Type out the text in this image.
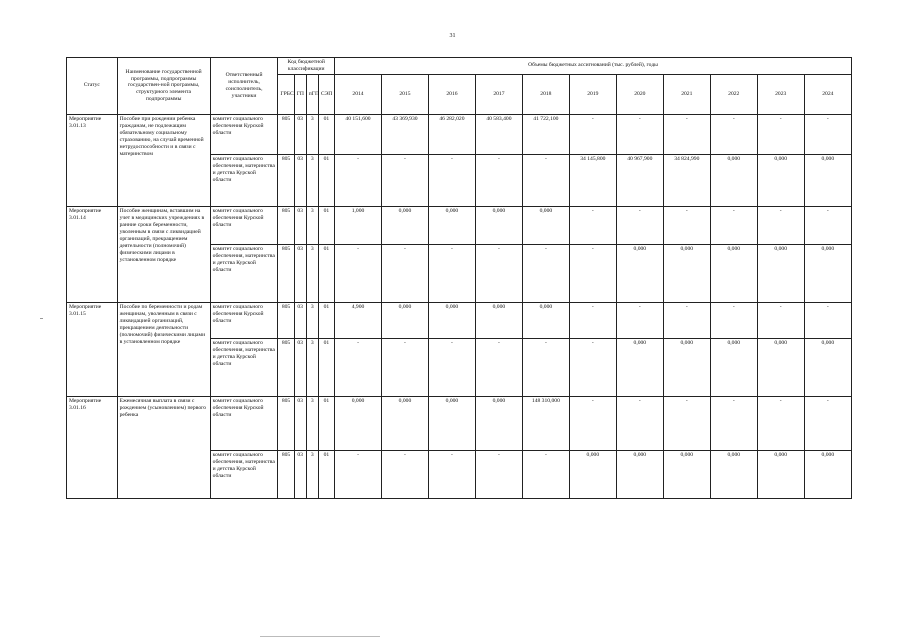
31
Статус	Наименование государственной программы, подпрограммы государствен-ной программы, структурного элемента подпрограммы	Ответственный исполнитель, соисполнитель, участники	Код бюджетной классификации				Объемы бюджетных ассигнований (тыс. рублей), годы										
			ГРБС	ГП	пГП	СЭП	2014	2015	2016	2017	2018	2019	2020	2021	2022	2023	2024
Мероприятие 3.01.13	Пособие при рождении ребенка гражданам, не подлежащим обязательному социальному страхованию, на случай временной нетрудоспособности и в связи с материнством	комитет социального обеспечения Курской области	805	03	3	01	40 151,600	43 369,930	46 282,020	40 583,400	41 722,100	-	-	-	-	-	-
		комитет социального обеспечения, материнства и детства Курской области	805	03	3	01	-	-	-	-	-	34 145,800	40 967,900	34 824,990	0,000	0,000	0,000
Мероприятие 3.01.14	Пособие женщинам, вставшим на учет в медицинских учреждениях в ранние сроки беременности, уволенным в связи с ликвидацией организаций, прекращением деятельности (полномочий) физическими лицами в установленном порядке	комитет социального обеспечения Курской области	805	03	3	01	1,000	0,000	0,000	0,000	0,000	-	-	-	-	-	-
		комитет социального обеспечения, материнства и детства Курской области	805	03	3	01	-	-	-	-	-	-	0,000	0,000	0,000	0,000	0,000
Мероприятие 3.01.15	Пособие по беременности и родам женщинам, уволенным в связи с ликвидацией организаций, прекращением деятельности (полномочий) физическими лицами в установленном порядке	комитет социального обеспечения Курской области	805	03	3	01	4,900	0,000	0,000	0,000	0,000	-	-	-	-	-	-
		комитет социального обеспечения, материнства и детства Курской области	805	03	3	01	-	-	-	-	-	-	0,000	0,000	0,000	0,000	0,000
Мероприятие 3.01.16	Ежемесячная выплата в связи с рождением (усыновлением) первого ребенка	комитет социального обеспечения Курской области	805	03	3	01	0,000	0,000	0,000	0,000	148 310,000	-	-	-	-	-	-
		комитет социального обеспечения, материнства и детства Курской области	805	03	3	01	-	-	-	-	-	0,000	0,000	0,000	0,000	0,000	0,000
